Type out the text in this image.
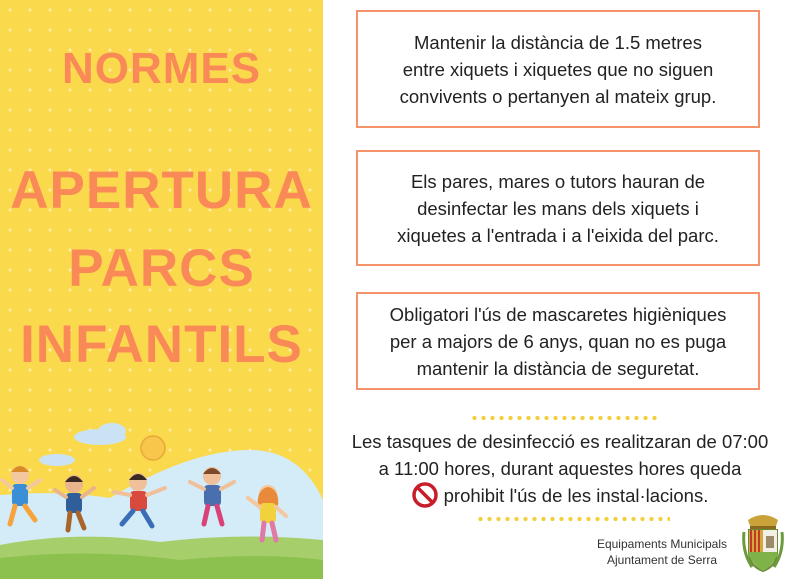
NORMES
APERTURA
PARCS
INFANTILS
Mantenir la distància de 1.5 metres
entre xiquets i xiquetes que no siguen
convivents o pertanyen al mateix grup.
Els pares, mares o tutors hauran de
desinfectar les mans dels xiquets i
xiquetes a l'entrada i a l'eixida del parc.
Obligatori l'ús de mascaretes higièniques
per a majors de 6 anys, quan no es puga
mantenir la distància de seguretat.
Les tasques de desinfecció es realitzaran de 07:00
a 11:00 hores, durant aquestes hores queda
prohibit l'ús de les instal·lacions.
Equipaments Municipals
Ajuntament de Serra
